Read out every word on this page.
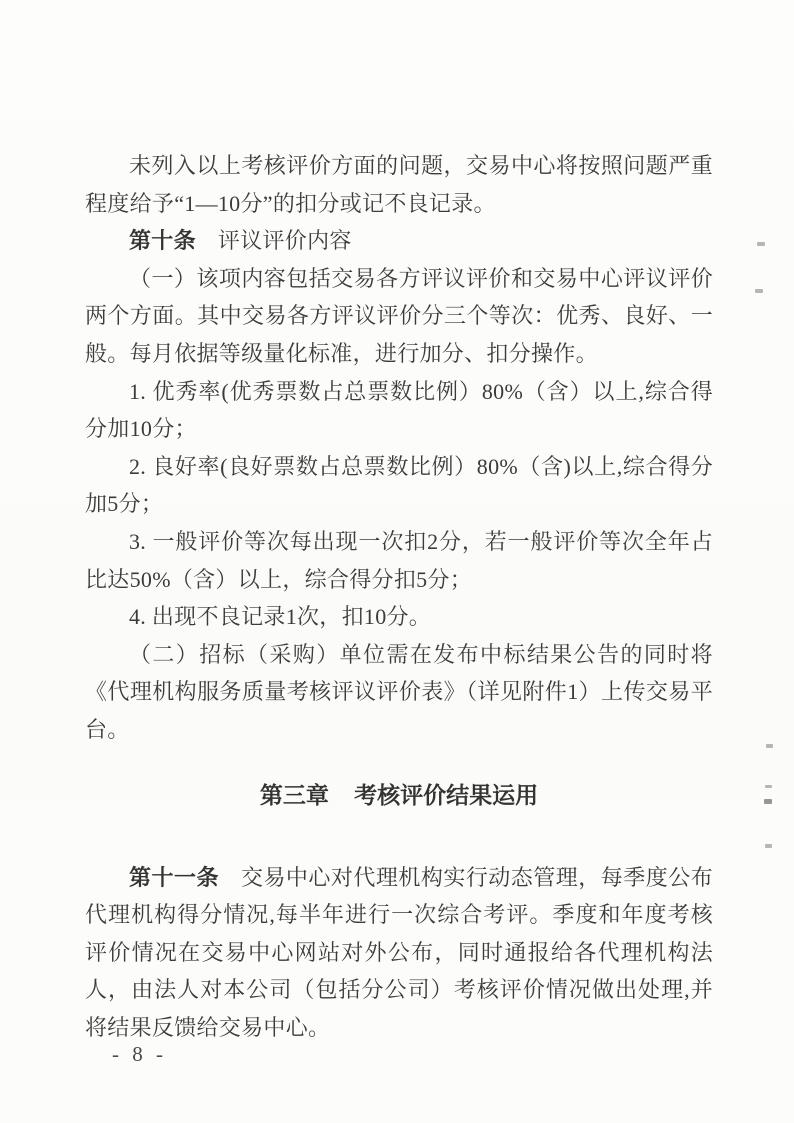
未列入以上考核评价方面的问题，交易中心将按照问题严重程度给予“1—10分”的扣分或记不良记录。

第十条 评议评价内容

（一）该项内容包括交易各方评议评价和交易中心评议评价两个方面。其中交易各方评议评价分三个等次：优秀、良好、一般。每月依据等级量化标准，进行加分、扣分操作。

1. 优秀率(优秀票数占总票数比例）80%（含）以上,综合得分加10分；

2. 良好率(良好票数占总票数比例）80%（含)以上,综合得分加5分；

3. 一般评价等次每出现一次扣2分，若一般评价等次全年占比达50%（含）以上，综合得分扣5分；

4. 出现不良记录1次，扣10分。

（二）招标（采购）单位需在发布中标结果公告的同时将《代理机构服务质量考核评议评价表》（详见附件1）上传交易平台。

第三章 考核评价结果运用

第十一条 交易中心对代理机构实行动态管理，每季度公布代理机构得分情况,每半年进行一次综合考评。季度和年度考核评价情况在交易中心网站对外公布，同时通报给各代理机构法人，由法人对本公司（包括分公司）考核评价情况做出处理,并将结果反馈给交易中心。

- 8 -
